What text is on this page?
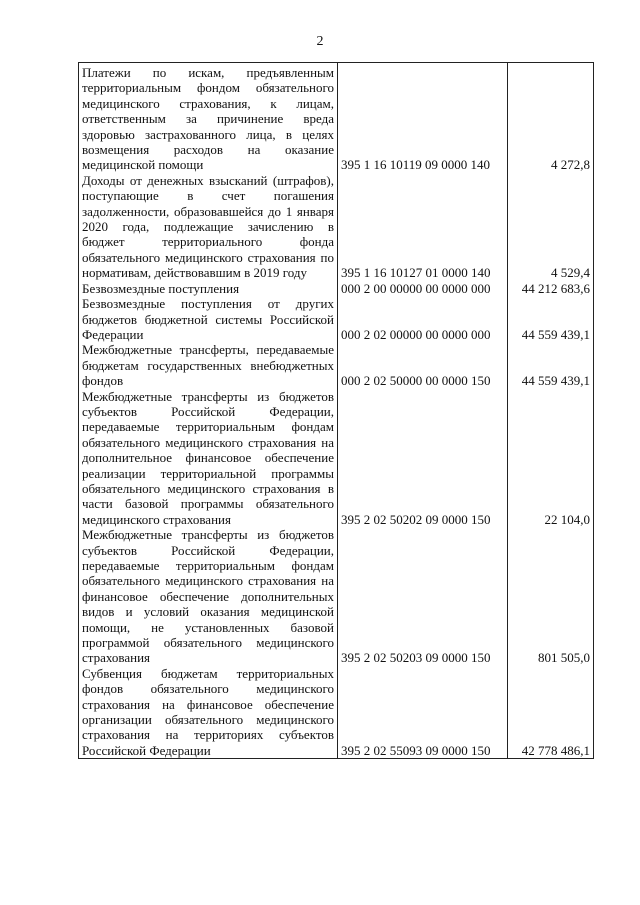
2
Платежи по искам, предъявленным территориальным фондом обязательного медицинского страхования, к лицам, ответственным за причинение вреда здоровью застрахованного лица, в целях возмещения расходов на оказание медицинской помощи	395 1 16 10119 09 0000 140	4 272,8
Доходы от денежных взысканий (штрафов), поступающие в счет погашения задолженности, образовавшейся до 1 января 2020 года, подлежащие зачислению в бюджет территориального фонда обязательного медицинского страхования по нормативам, действовавшим в 2019 году	395 1 16 10127 01 0000 140	4 529,4
Безвозмездные поступления	000 2 00 00000 00 0000 000	44 212 683,6
Безвозмездные поступления от других бюджетов бюджетной системы Российской Федерации	000 2 02 00000 00 0000 000	44 559 439,1
Межбюджетные трансферты, передаваемые бюджетам государственных внебюджетных фондов	000 2 02 50000 00 0000 150	44 559 439,1
Межбюджетные трансферты из бюджетов субъектов Российской Федерации, передаваемые территориальным фондам обязательного медицинского страхования на дополнительное финансовое обеспечение реализации территориальной программы обязательного медицинского страхования в части базовой программы обязательного медицинского страхования	395 2 02 50202 09 0000 150	22 104,0
Межбюджетные трансферты из бюджетов субъектов Российской Федерации, передаваемые территориальным фондам обязательного медицинского страхования на финансовое обеспечение дополнительных видов и условий оказания медицинской помощи, не установленных базовой программой обязательного медицинского страхования	395 2 02 50203 09 0000 150	801 505,0
Субвенция бюджетам территориальных фондов обязательного медицинского страхования на финансовое обеспечение организации обязательного медицинского страхования на территориях субъектов Российской Федерации	395 2 02 55093 09 0000 150	42 778 486,1
